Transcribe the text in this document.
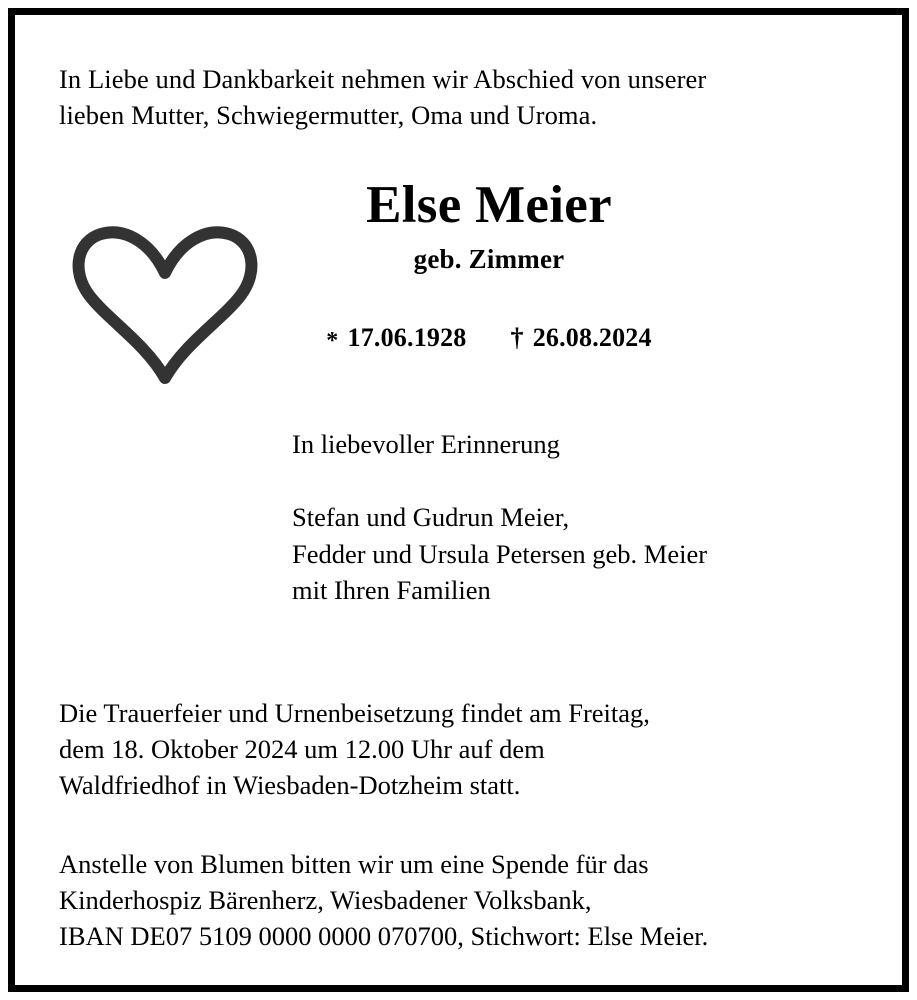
In Liebe und Dankbarkeit nehmen wir Abschied von unserer
lieben Mutter, Schwiegermutter, Oma und Uroma.
Else Meier
geb. Zimmer
* 17.06.1928 † 26.08.2024
In liebevoller Erinnerung
Stefan und Gudrun Meier,
Fedder und Ursula Petersen geb. Meier
mit Ihren Familien
Die Trauerfeier und Urnenbeisetzung findet am Freitag,
dem 18. Oktober 2024 um 12.00 Uhr auf dem
Waldfriedhof in Wiesbaden-Dotzheim statt.
Anstelle von Blumen bitten wir um eine Spende für das
Kinderhospiz Bärenherz, Wiesbadener Volksbank,
IBAN DE07 5109 0000 0000 070700, Stichwort: Else Meier.
